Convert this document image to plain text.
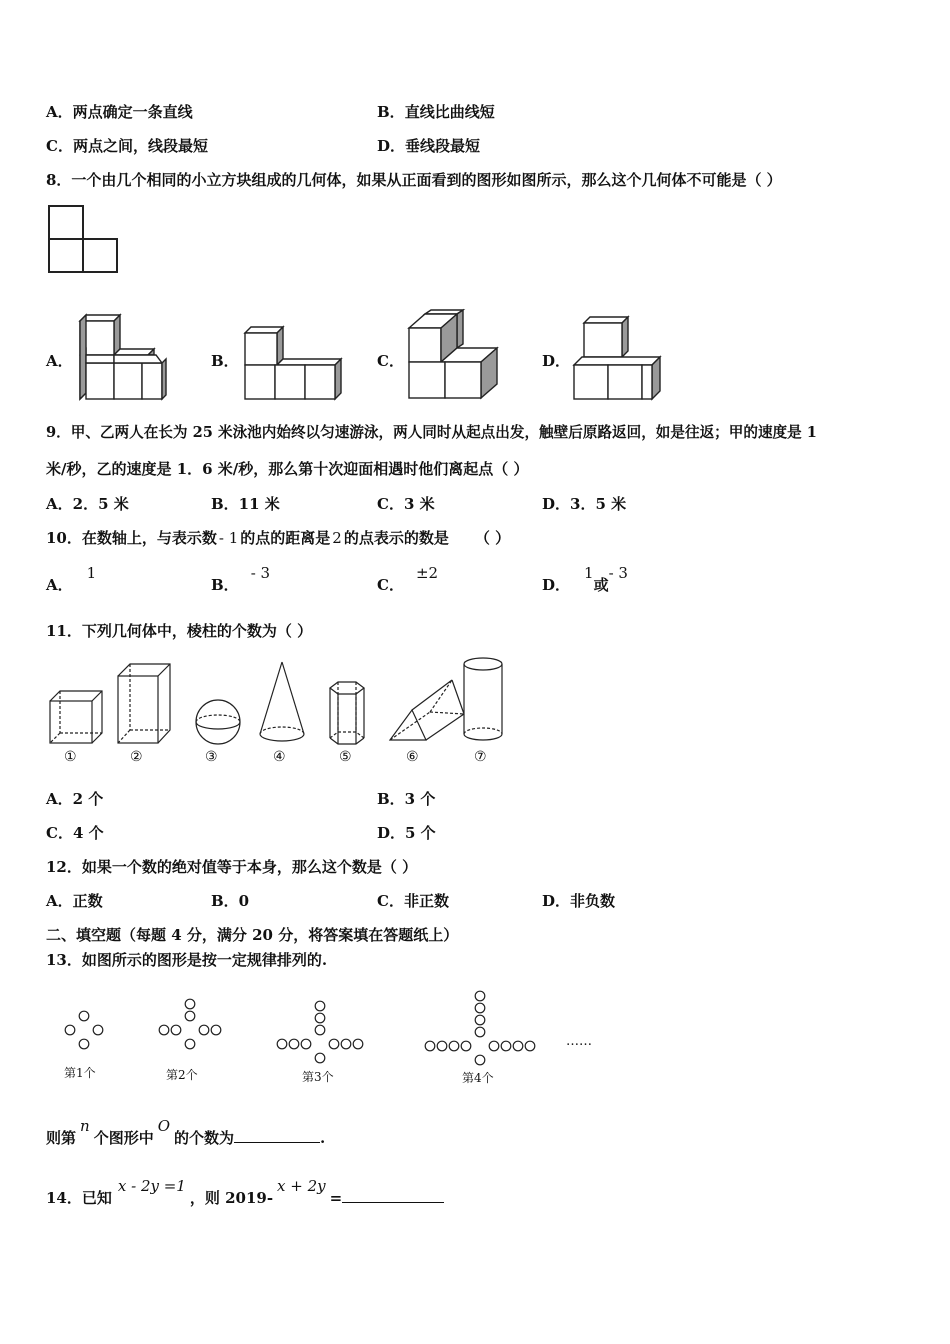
A．两点确定一条直线	B．直线比曲线短
C．两点之间，线段最短	D．垂线段最短
8．一个由几个相同的小立方块组成的几何体，如果从正面看到的图形如图所示，那么这个几何体不可能是（ ）
A．	B．	C．	D．
9．甲、乙两人在长为 25 米泳池内始终以匀速游泳，两人同时从起点出发，触壁后原路返回，如是往返；甲的速度是 1
米/秒，乙的速度是 1．6 米/秒，那么第十次迎面相遇时他们离起点（ ）
A．2．5 米	B．11 米	C．3 米	D．3．5 米
10．在数轴上，与表示数 - 1 的点的距离是 2 的点表示的数是 （ ）
A．1
B．- 3
C．±2
D．1或- 3
11．下列几何体中，棱柱的个数为（ ）
①	②	③	④	⑤	⑥	⑦
A．2 个	B．3 个
C．4 个	D．5 个
12．如果一个数的绝对值等于本身，那么这个数是（ ）
A．正数	B．0	C．非正数	D．非负数
二、填空题（每题 4 分，满分 20 分，将答案填在答题纸上）
13．如图所示的图形是按一定规律排列的.
第1个	第2个	第3个	第4个
……
则第n个图形中O的个数为	.
14．已知x - 2y =1，则 2019-x + 2y=
